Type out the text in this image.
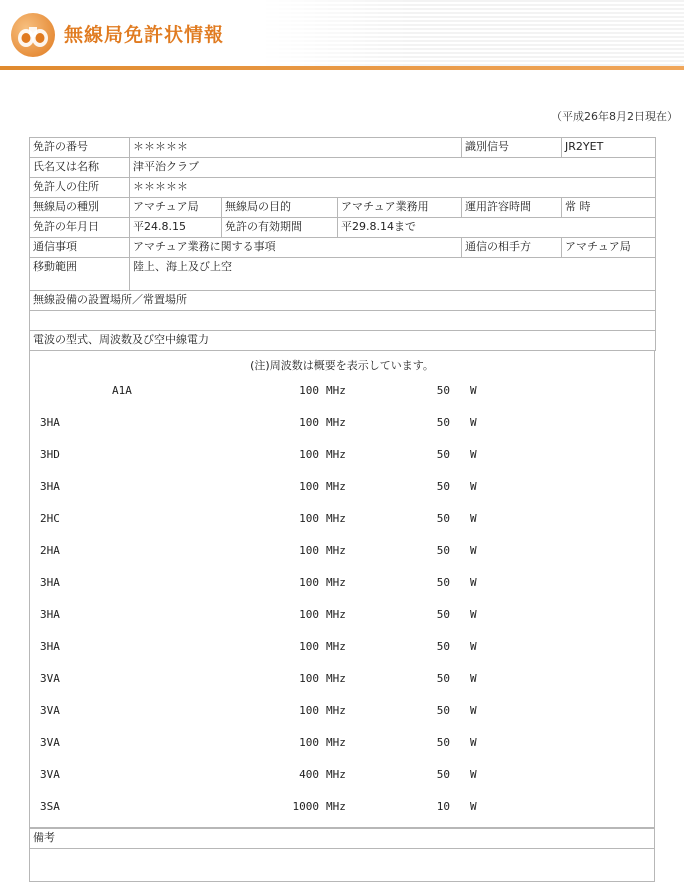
無線局免許状情報
（平成26年8月2日現在）
免許の番号	＊＊＊＊＊			識別信号	JR2YET
氏名又は名称	津平治クラブ				
免許人の住所	＊＊＊＊＊				
無線局の種別	アマチュア局	無線局の目的	アマチュア業務用	運用許容時間	常 時
免許の年月日	平24.8.15	免許の有効期間	平29.8.14まで		
通信事項	アマチュア業務に関する事項			通信の相手方	アマチュア局
移動範囲	陸上、海上及び上空				
無線設備の設置場所／常置場所					

電波の型式、周波数及び空中線電力					
(注)周波数は概要を表示しています。
A1A	100 MHz	50 W
3HA	100 MHz	50 W
3HD	100 MHz	50 W
3HA	100 MHz	50 W
2HC	100 MHz	50 W
2HA	100 MHz	50 W
3HA	100 MHz	50 W
3HA	100 MHz	50 W
3HA	100 MHz	50 W
3VA	100 MHz	50 W
3VA	100 MHz	50 W
3VA	100 MHz	50 W
3VA	400 MHz	50 W
3SA	1000 MHz	10 W
備考
